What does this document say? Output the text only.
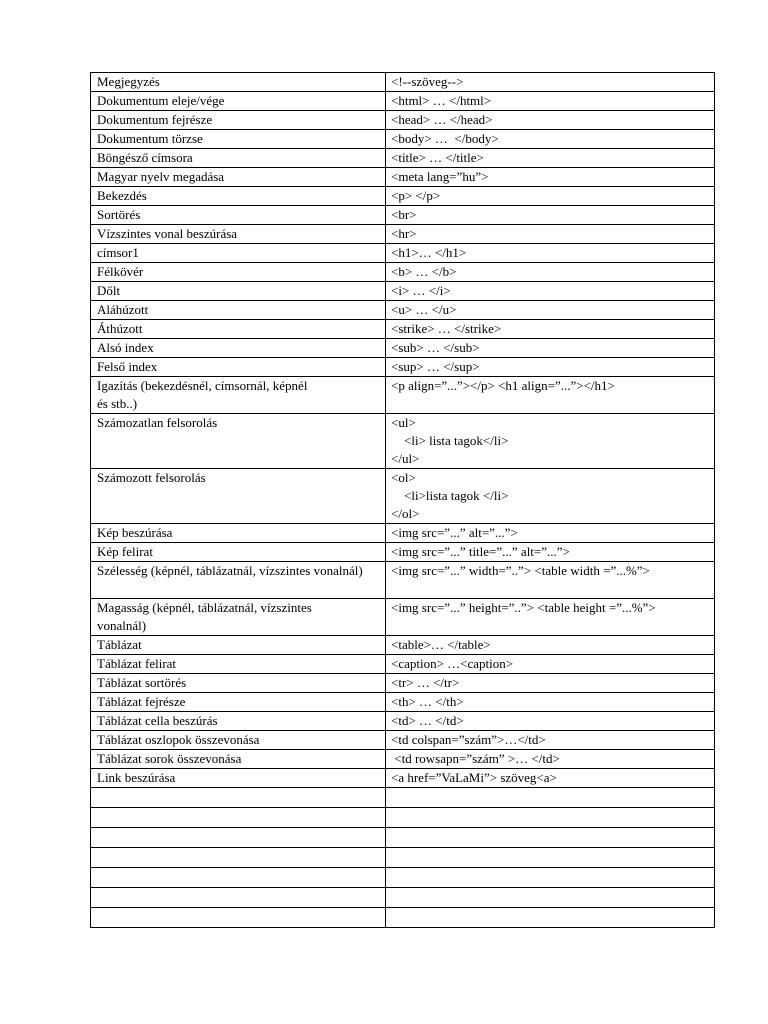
Megjegyzés	<!--szöveg-->
Dokumentum eleje/vége	<html> … </html>
Dokumentum fejrésze	<head> … </head>
Dokumentum törzse	<body> …  </body>
Böngésző címsora	<title> … </title>
Magyar nyelv megadása	<meta lang=”hu”>
Bekezdés	<p> </p>
Sortörés	<br>
Vízszintes vonal beszúrása	<hr>
címsor1	<h1>… </h1>
Félkövér	<b> … </b>
Dőlt	<i> … </i>
Aláhúzott	<u> … </u>
Áthúzott	<strike> … </strike>
Alsó index	<sub> … </sub>
Felső index	<sup> … </sup>
Igazítás (bekezdésnél, címsornál, képnél
és stb..)	<p align=”...”></p> <h1 align=”...”></h1>
Számozatlan felsorolás	<ul>
<li> lista tagok</li>
</ul>
Számozott felsorolás	<ol>
<li>lista tagok </li>
</ol>
Kép beszúrása	<img src=”...” alt=”...”>
Kép felirat	<img src=”...” title=”...” alt=”...”>
Szélesség (képnél, táblázatnál, vízszintes vonalnál)	<img src=”...” width=”..”> <table width =”...%”>
Magasság (képnél, táblázatnál, vízszintes
vonalnál)	<img src=”...” height=”..”> <table height =”...%”>
Táblázat	<table>… </table>
Táblázat felirat	<caption> …<caption>
Táblázat sortörés	<tr> … </tr>
Táblázat fejrésze	<th> … </th>
Táblázat cella beszúrás	<td> … </td>
Táblázat oszlopok összevonása	<td colspan=”szám”>…</td>
Táblázat sorok összevonása	<td rowsapn=”szám” >… </td>
Link beszúrása	<a href=”VaLaMi”> szöveg<a>
